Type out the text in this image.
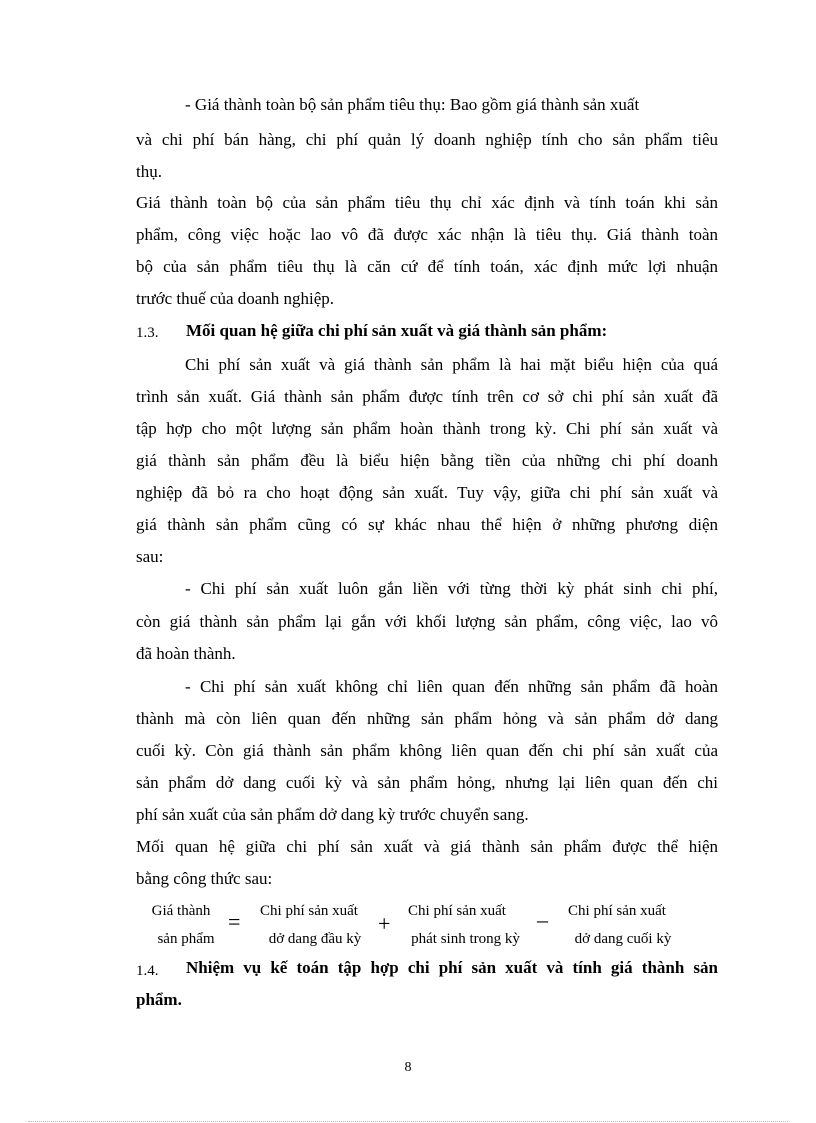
- Giá thành toàn bộ sản phẩm tiêu thụ: Bao gồm giá thành sản xuất
và chi phí bán hàng, chi phí quản lý doanh nghiệp tính cho sản phẩm tiêu
thụ.
Giá thành toàn bộ của sản phẩm tiêu thụ chỉ xác định và tính toán khi sản
phẩm, công việc hoặc lao vô đã được xác nhận là tiêu thụ. Giá thành toàn
bộ của sản phẩm tiêu thụ là căn cứ để tính toán, xác định mức lợi nhuận
trước thuế của doanh nghiệp.
1.3. Mối quan hệ giữa chi phí sản xuất và giá thành sản phẩm:
Chi phí sản xuất và giá thành sản phẩm là hai mặt biểu hiện của quá
trình sản xuất. Giá thành sản phẩm được tính trên cơ sở chi phí sản xuất đã
tập hợp cho một lượng sản phẩm hoàn thành trong kỳ. Chi phí sản xuất và
giá thành sản phẩm đều là biểu hiện bằng tiền của những chi phí doanh
nghiệp đã bỏ ra cho hoạt động sản xuất. Tuy vậy, giữa chi phí sản xuất và
giá thành sản phẩm cũng có sự khác nhau thể hiện ở những phương diện
sau:
- Chi phí sản xuất luôn gắn liền với từng thời kỳ phát sinh chi phí,
còn giá thành sản phẩm lại gắn với khối lượng sản phẩm, công việc, lao vô
đã hoàn thành.
- Chi phí sản xuất không chỉ liên quan đến những sản phẩm đã hoàn
thành mà còn liên quan đến những sản phẩm hỏng và sản phẩm dở dang
cuối kỳ. Còn giá thành sản phẩm không liên quan đến chi phí sản xuất của
sản phẩm dở dang cuối kỳ và sản phẩm hỏng, nhưng lại liên quan đến chi
phí sản xuất của sản phẩm dở dang kỳ trước chuyển sang.
Mối quan hệ giữa chi phí sản xuất và giá thành sản phẩm được thể hiện
bằng công thức sau:
Giá thành
sản phẩm
=	Chi phí sản xuất
dở dang đầu kỳ
+	Chi phí sản xuất
phát sinh trong kỳ
–	Chi phí sản xuất
dở dang cuối kỳ
1.4. Nhiệm vụ kế toán tập hợp chi phí sản xuất và tính giá thành sản
phẩm.
8
